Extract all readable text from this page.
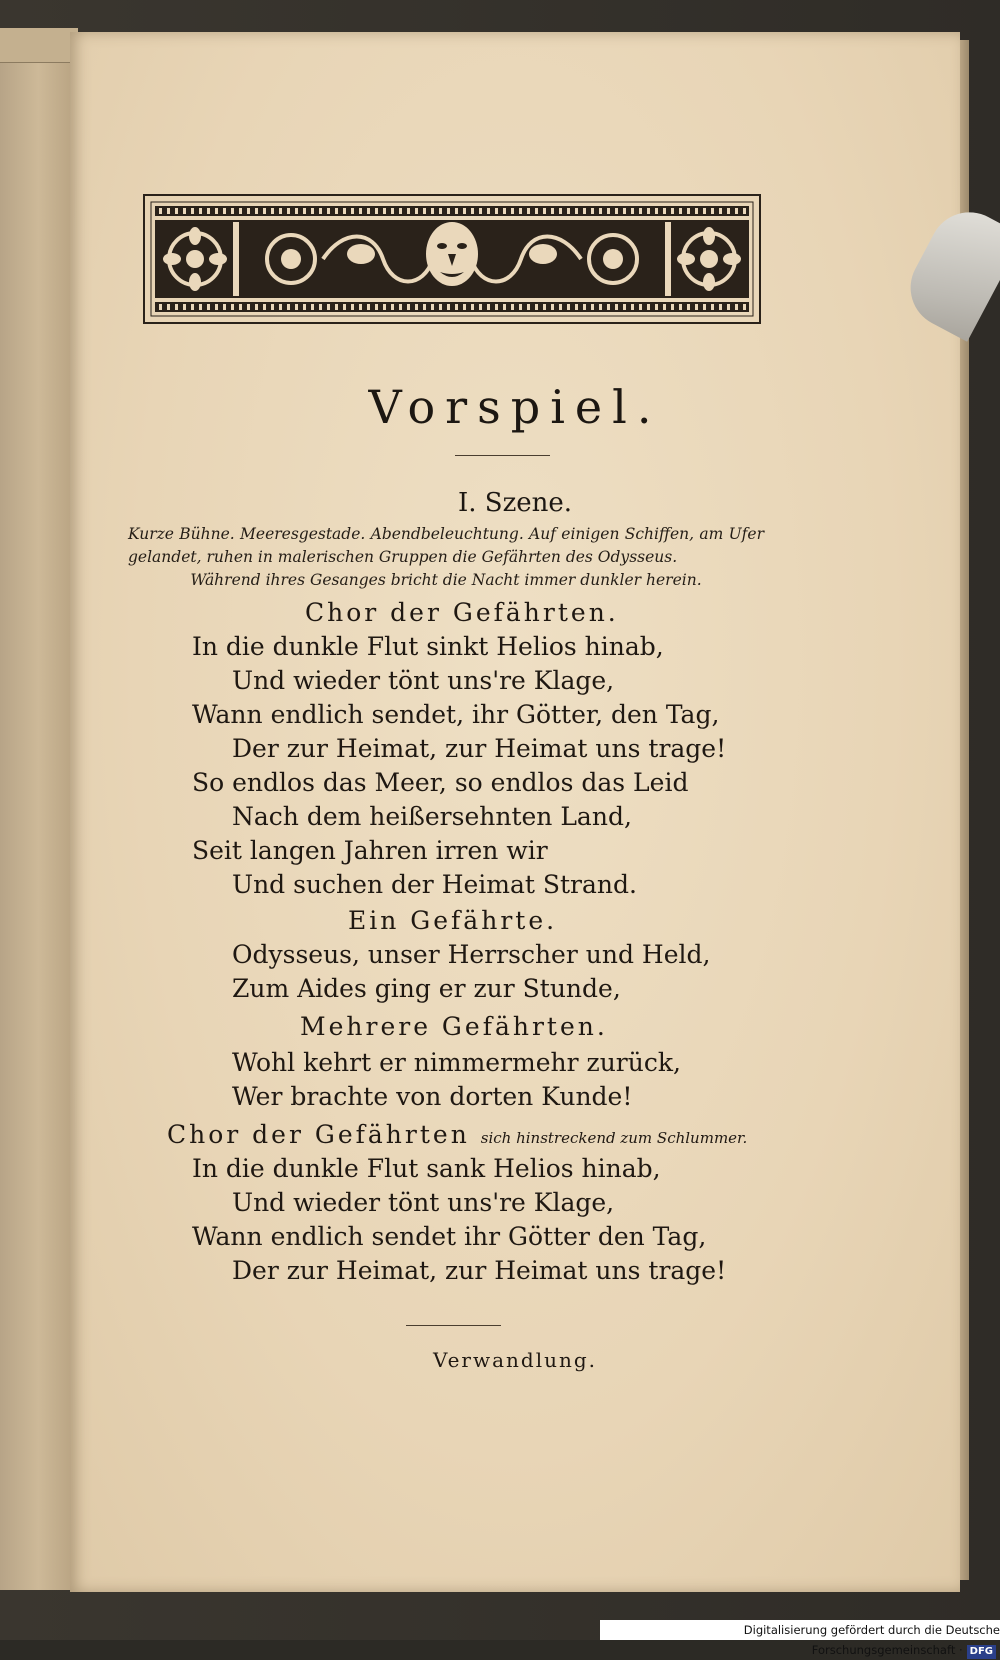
Vorspiel.
I. Szene.
Kurze Bühne. Meeresgestade. Abendbeleuchtung. Auf einigen Schiffen, am Ufer gelandet, ruhen in malerischen Gruppen die Gefährten des Odysseus.
Während ihres Gesanges bricht die Nacht immer dunkler herein.
Chor der Gefährten.
In die dunkle Flut sinkt Helios hinab,
Und wieder tönt uns're Klage,
Wann endlich sendet, ihr Götter, den Tag,
Der zur Heimat, zur Heimat uns trage!
So endlos das Meer, so endlos das Leid
Nach dem heißersehnten Land,
Seit langen Jahren irren wir
Und suchen der Heimat Strand.
Ein Gefährte.
Odysseus, unser Herrscher und Held,
Zum Aides ging er zur Stunde,
Mehrere Gefährten.
Wohl kehrt er nimmermehr zurück,
Wer brachte von dorten Kunde!
Chor der Gefährten sich hinstreckend zum Schlummer.
In die dunkle Flut sank Helios hinab,
Und wieder tönt uns're Klage,
Wann endlich sendet ihr Götter den Tag,
Der zur Heimat, zur Heimat uns trage!
Verwandlung.
Digitalisierung gefördert durch die Deutsche Forschungsgemeinschaft · DFG
